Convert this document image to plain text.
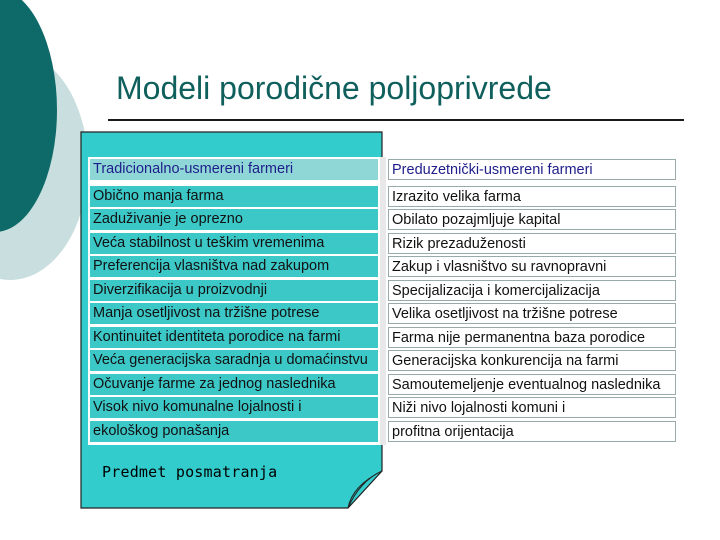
Modeli porodične poljoprivrede
Tradicionalno-usmereni farmeri	Preduzetnički-usmereni farmeri
Obično manja farma	Izrazito velika farma
Zaduživanje je oprezno	Obilato pozajmljuje kapital
Veća stabilnost u teškim vremenima	Rizik prezaduženosti
Preferencija vlasništva nad zakupom	Zakup i vlasništvo su ravnopravni
Diverzifikacija u proizvodnji	Specijalizacija i komercijalizacija
Manja osetljivost na tržišne potrese	Velika osetljivost na tržišne potrese
Kontinuitet identiteta porodice na farmi	Farma nije permanentna baza porodice
Veća generacijska saradnja u domaćinstvu	Generacijska konkurencija na farmi
Očuvanje farme za jednog naslednika	Samoutemeljenje eventualnog naslednika
Visok nivo komunalne lojalnosti i	Niži nivo lojalnosti komuni i
ekološkog ponašanja	profitna orijentacija
Predmet posmatranja
